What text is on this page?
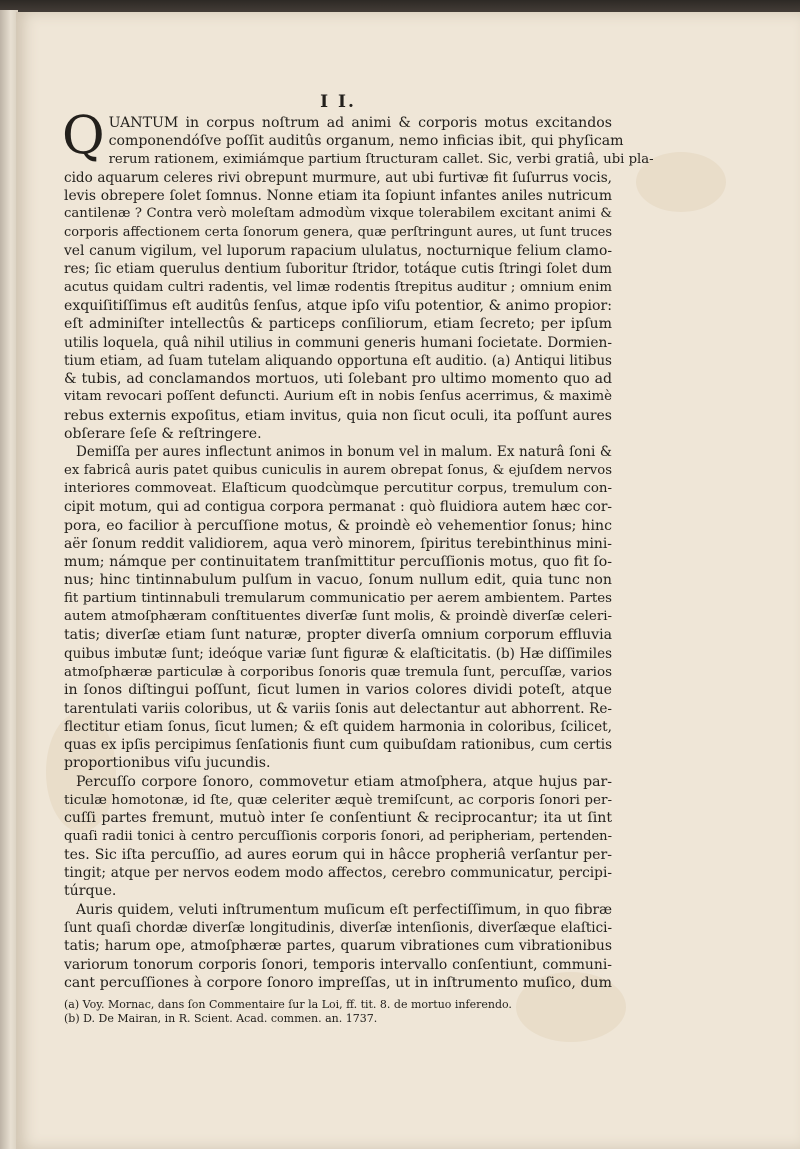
I I.
Q UANTUM in corpus noſtrum ad animi & corporis motus excitandos
componendóſve poſſit auditûs organum, nemo inficias ibit, qui phyſicam
rerum rationem, eximiámque partium ſtructuram callet. Sic, verbi gratiâ, ubi pla-
cido aquarum celeres rivi obrepunt murmure, aut ubi furtivæ fit ſuſurrus vocis,
levis obrepere ſolet ſomnus. Nonne etiam ita ſopiunt infantes aniles nutricum
cantilenæ ? Contra verò moleſtam admodùm vixque tolerabilem excitant animi &
corporis affectionem certa ſonorum genera, quæ perſtringunt aures, ut ſunt truces
vel canum vigilum, vel luporum rapacium ululatus, nocturnique felium clamo-
res; ſic etiam querulus dentium ſuboritur ſtridor, totáque cutis ſtringi ſolet dum
acutus quidam cultri radentis, vel limæ rodentis ſtrepitus auditur ; omnium enim
exquiſitiſſimus eſt auditûs ſenſus, atque ipſo viſu potentior, & animo propior:
eſt adminiſter intellectûs & particeps conſiliorum, etiam ſecreto; per ipſum
utilis loquela, quâ nihil utilius in communi generis humani ſocietate. Dormien-
tium etiam, ad ſuam tutelam aliquando opportuna eſt auditio. (a) Antiqui litibus
& tubis, ad conclamandos mortuos, uti ſolebant pro ultimo momento quo ad
vitam revocari poſſent defuncti. Aurium eſt in nobis ſenſus acerrimus, & maximè
rebus externis expoſitus, etiam invitus, quia non ſicut oculi, ita poſſunt aures
obſerare ſeſe & reſtringere.
Demiſſa per aures inflectunt animos in bonum vel in malum. Ex naturâ ſoni &
ex fabricâ auris patet quibus cuniculis in aurem obrepat ſonus, & ejuſdem nervos
interiores commoveat. Elaſticum quodcùmque percutitur corpus, tremulum con-
cipit motum, qui ad contigua corpora permanat : quò fluidiora autem hæc cor-
pora, eo facilior à percuſſione motus, & proindè eò vehementior ſonus; hinc
aër ſonum reddit validiorem, aqua verò minorem, ſpiritus terebinthinus mini-
mum; námque per continuitatem tranſmittitur percuſſionis motus, quo fit ſo-
nus; hinc tintinnabulum pulſum in vacuo, ſonum nullum edit, quia tunc non
fit partium tintinnabuli tremularum communicatio per aerem ambientem. Partes
autem atmoſphæram conſtituentes diverſæ ſunt molis, & proindè diverſæ celeri-
tatis; diverſæ etiam ſunt naturæ, propter diverſa omnium corporum effluvia
quibus imbutæ ſunt; ideóque variæ ſunt figuræ & elaſticitatis. (b) Hæ diſſimiles
atmoſphæræ particulæ à corporibus ſonoris quæ tremula ſunt, percuſſæ, varios
in ſonos diſtingui poſſunt, ſicut lumen in varios colores dividi poteſt, atque
tarentulati variis coloribus, ut & variis ſonis aut delectantur aut abhorrent. Re-
flectitur etiam ſonus, ſicut lumen; & eſt quidem harmonia in coloribus, ſcilicet,
quas ex ipſis percipimus ſenſationis fiunt cum quibuſdam rationibus, cum certis
proportionibus viſu jucundis.
Percuſſo corpore ſonoro, commovetur etiam atmoſphera, atque hujus par-
ticulæ homotonæ, id ſte, quæ celeriter æquè tremiſcunt, ac corporis ſonori per-
cuſſi partes fremunt, mutuò inter ſe conſentiunt & reciprocantur; ita ut ſint
quaſi radii tonici à centro percuſſionis corporis ſonori, ad peripheriam, pertenden-
tes. Sic iſta percuſſio, ad aures eorum qui in hâcce propheriâ verſantur per-
tingit; atque per nervos eodem modo affectos, cerebro communicatur, percipi-
túrque.
Auris quidem, veluti inſtrumentum muſicum eſt perfectiſſimum, in quo fibræ
ſunt quaſi chordæ diverſæ longitudinis, diverſæ intenſionis, diverſæque elaſtici-
tatis; harum ope, atmoſphæræ partes, quarum vibrationes cum vibrationibus
variorum tonorum corporis ſonori, temporis intervallo conſentiunt, communi-
cant percuſſiones à corpore ſonoro impreſſas, ut in inſtrumento muſico, dum
(a) Voy. Mornac, dans ſon Commentaire ſur la Loi, ff. tit. 8. de mortuo inferendo.
(b) D. De Mairan, in R. Scient. Acad. commen. an. 1737.
